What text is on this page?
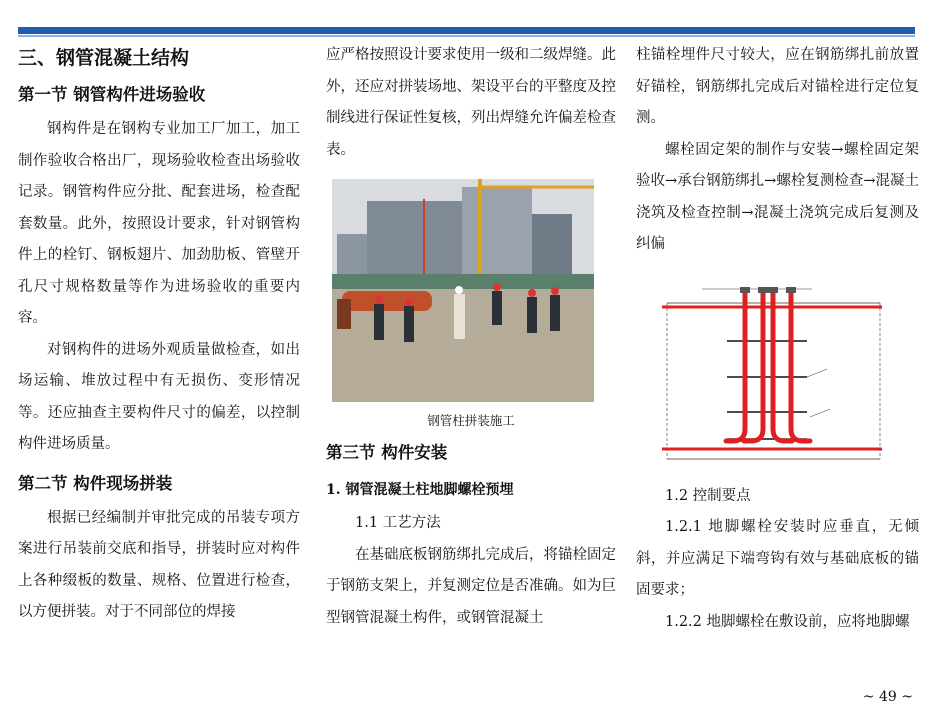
三、钢管混凝土结构
第一节 钢管构件进场验收

钢构件是在钢构专业加工厂加工，加工制作验收合格出厂，现场验收检查出场验收记录。钢管构件应分批、配套进场，检查配套数量。此外，按照设计要求，针对钢管构件上的栓钉、钢板翅片、加劲肋板、管壁开孔尺寸规格数量等作为进场验收的重要内容。

对钢构件的进场外观质量做检查，如出场运输、堆放过程中有无损伤、变形情况等。还应抽查主要构件尺寸的偏差，以控制构件进场质量。

第二节 构件现场拼装

根据已经编制并审批完成的吊装专项方案进行吊装前交底和指导，拼装时应对构件上各种缀板的数量、规格、位置进行检查，以方便拼装。对于不同部位的焊接

应严格按照设计要求使用一级和二级焊缝。此外，还应对拼装场地、架设平台的平整度及控制线进行保证性复核，列出焊缝允许偏差检查表。

钢管柱拼装施工
第三节 构件安装
1. 钢管混凝土柱地脚螺栓预埋

1.1 工艺方法

在基础底板钢筋绑扎完成后，将锚栓固定于钢筋支架上，并复测定位是否准确。如为巨型钢管混凝土构件，或钢管混凝土

柱锚栓埋件尺寸较大，应在钢筋绑扎前放置好锚栓，钢筋绑扎完成后对锚栓进行定位复测。

螺栓固定架的制作与安装→螺栓固定架验收→承台钢筋绑扎→螺栓复测检查→混凝土浇筑及检查控制→混凝土浇筑完成后复测及纠偏

1.2 控制要点

1.2.1 地脚螺栓安装时应垂直，无倾斜，并应满足下端弯钩有效与基础底板的锚固要求；

1.2.2 地脚螺栓在敷设前，应将地脚螺

~ 49 ~
